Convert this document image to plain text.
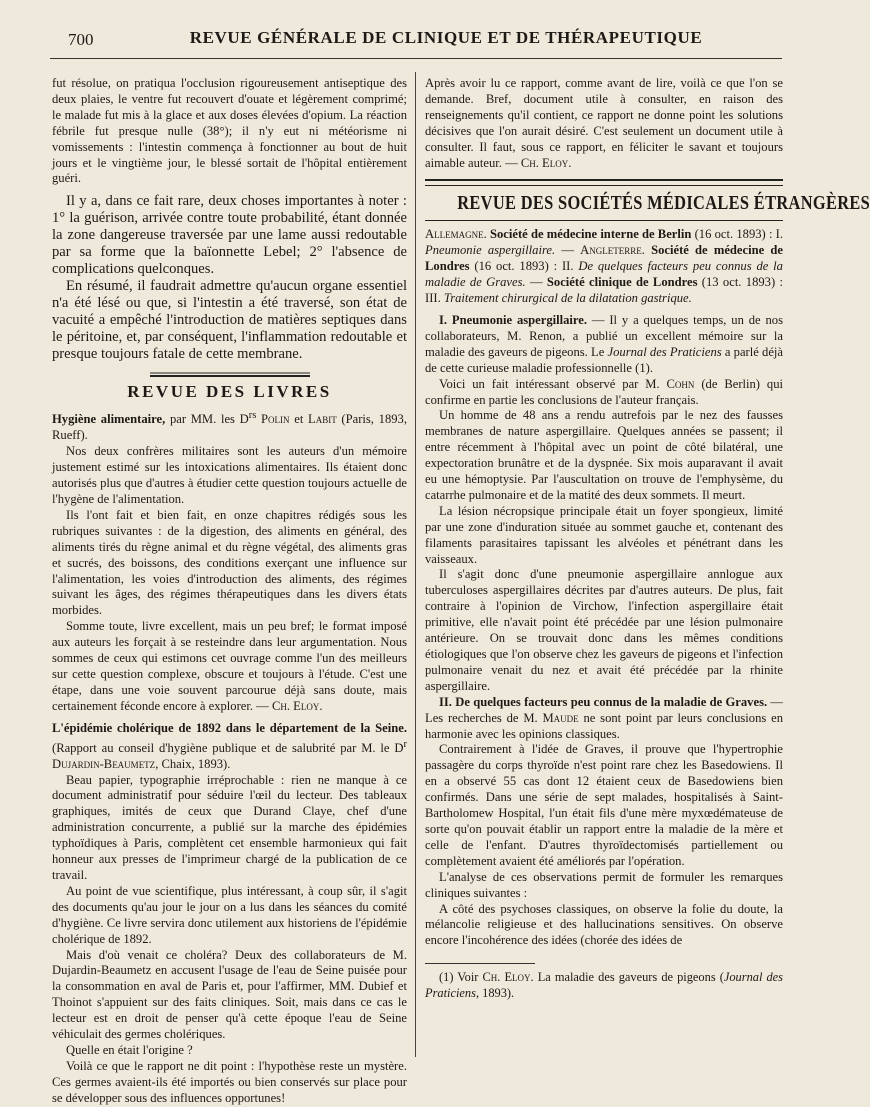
700	REVUE GÉNÉRALE DE CLINIQUE ET DE THÉRAPEUTIQUE

fut résolue, on pratiqua l'occlusion rigoureusement antiseptique des deux plaies, le ventre fut recouvert d'ouate et légèrement comprimé; le malade fut mis à la glace et aux doses élevées d'opium. La réaction fébrile fut presque nulle (38°); il n'y eut ni météorisme ni vomissements : l'intestin commença à fonctionner au bout de huit jours et le vingtième jour, le blessé sortait de l'hôpital entièrement guéri.

Il y a, dans ce fait rare, deux choses importantes à noter : 1° la guérison, arrivée contre toute probabilité, étant donnée la zone dangereuse traversée par une lame aussi redoutable par sa forme que la baïonnette Lebel; 2° l'absence de complications quelconques.

En résumé, il faudrait admettre qu'aucun organe essentiel n'a été lésé ou que, si l'intestin a été traversé, son état de vacuité a empêché l'introduction de matières septiques dans le péritoine, et, par conséquent, l'inflammation redoutable et presque toujours fatale de cette membrane.

REVUE DES LIVRES

Hygiène alimentaire, par MM. les $D^{rs}$ Polin et Labit (Paris, 1893, Rueff).

Nos deux confrères militaires sont les auteurs d'un mémoire justement estimé sur les intoxications alimentaires. Ils étaient donc autorisés plus que d'autres à étudier cette question toujours actuelle de l'hygène de l'alimentation.

Ils l'ont fait et bien fait, en onze chapitres rédigés sous les rubriques suivantes : de la digestion, des aliments en général, des aliments tirés du règne animal et du règne végétal, des aliments gras et sucrés, des boissons, des conditions exerçant une influence sur l'alimentation, les voies d'introduction des aliments, des régimes suivant les âges, des régimes thérapeutiques dans les divers états morbides.

Somme toute, livre excellent, mais un peu bref; le format imposé aux auteurs les forçait à se resteindre dans leur argumentation. Nous sommes de ceux qui estimons cet ouvrage comme l'un des meilleurs sur cette question complexe, obscure et toujours à l'étude. C'est une étape, dans une voie souvent parcourue déjà sans doute, mais certainement féconde encore à explorer. — Ch. Eloy.

L'épidémie cholérique de 1892 dans le département de la Seine. (Rapport au conseil d'hygiène publique et de salubrité par M. le $D^r$ Dujardin-Beaumetz, Chaix, 1893).

Beau papier, typographie irréprochable : rien ne manque à ce document administratif pour séduire l'œil du lecteur. Des tableaux graphiques, imités de ceux que Durand Claye, chef d'une administration concurrente, a publié sur la marche des épidémies typhoïdiques à Paris, complètent cet ensemble harmonieux qui fait honneur aux presses de l'imprimeur chargé de la publication de ce travail.

Au point de vue scientifique, plus intéressant, à coup sûr, il s'agit des documents qu'au jour le jour on a lus dans les séances du comité d'hygiène. Ce livre servira donc utilement aux historiens de l'épidémie cholérique de 1892.

Mais d'où venait ce choléra? Deux des collaborateurs de M. Dujardin-Beaumetz en accusent l'usage de l'eau de Seine puisée pour la consommation en aval de Paris et, pour l'affirmer, MM. Dubief et Thoinot s'appuient sur des faits cliniques. Soit, mais dans ce cas le lecteur est en droit de penser qu'à cette époque l'eau de Seine véhiculait des germes cholériques.

Quelle en était l'origine ?

Voilà ce que le rapport ne dit point : l'hypothèse reste un mystère. Ces germes avaient-ils été importés ou bien conservés sur place pour se développer sous des influences opportunes!

Après avoir lu ce rapport, comme avant de lire, voilà ce que l'on se demande. Bref, document utile à consulter, en raison des renseignements qu'il contient, ce rapport ne donne point les solutions décisives que l'on aurait désiré. C'est seulement un document utile à consulter. Il faut, sous ce rapport, en féliciter le savant et toujours aimable auteur. — Ch. Eloy.

REVUE DES SOCIÉTÉS MÉDICALES ÉTRANGÈRES

Allemagne. Société de médecine interne de Berlin (16 oct. 1893) : I. Pneumonie aspergillaire. — Angleterre. Société de médecine de Londres (16 oct. 1893) : II. De quelques facteurs peu connus de la maladie de Graves. — Société clinique de Londres (13 oct. 1893) : III. Traitement chirurgical de la dilatation gastrique.

I. Pneumonie aspergillaire. — Il y a quelques temps, un de nos collaborateurs, M. Renon, a publié un excellent mémoire sur la maladie des gaveurs de pigeons. Le Journal des Praticiens a parlé déjà de cette curieuse maladie professionnelle (1).

Voici un fait intéressant observé par M. Cohn (de Berlin) qui confirme en partie les conclusions de l'auteur français.

Un homme de 48 ans a rendu autrefois par le nez des fausses membranes de nature aspergillaire. Quelques années se passent; il entre récemment à l'hôpital avec un point de côté bilatéral, une expectoration brunâtre et de la dyspnée. Six mois auparavant il avait eu une hémoptysie. Par l'auscultation on trouve de l'emphysème, du catarrhe pulmonaire et de la matité des deux sommets. Il meurt.

La lésion nécropsique principale était un foyer spongieux, limité par une zone d'induration située au sommet gauche et, contenant des filaments parasitaires tapissant les alvéoles et pénétrant dans les vaisseaux.

Il s'agit donc d'une pneumonie aspergillaire annlogue aux tuberculoses aspergillaires décrites par d'autres auteurs. De plus, fait contraire à l'opinion de Virchow, l'infection aspergillaire était primitive, elle n'avait point été précédée par une lésion pulmonaire antérieure. On se trouvait donc dans les mêmes conditions étiologiques que l'on observe chez les gaveurs de pigeons et l'infection pulmonaire venait du nez et avait été précédée par la rhinite aspergillaire.

II. De quelques facteurs peu connus de la maladie de Graves. — Les recherches de M. Maude ne sont point par leurs conclusions en harmonie avec les opinions classiques.

Contrairement à l'idée de Graves, il prouve que l'hypertrophie passagère du corps thyroïde n'est point rare chez les Basedowiens. Il en a observé 55 cas dont 12 étaient ceux de Basedowiens bien confirmés. Dans une série de sept malades, hospitalisés à Saint-Bartholomew Hospital, l'un était fils d'une mère myxœdémateuse de sorte qu'on pouvait établir un rapport entre la maladie de la mère et celle de l'enfant. D'autres thyroïdectomisés partiellement ou complètement avaient été améliorés par l'opération.

L'analyse de ces observations permit de formuler les remarques cliniques suivantes :

A côté des psychoses classiques, on observe la folie du doute, la mélancolie religieuse et des hallucinations sensitives. On observe encore l'incohérence des idées (chorée des idées de

(1) Voir Ch. Eloy. La maladie des gaveurs de pigeons (Journal des Praticiens, 1893).
